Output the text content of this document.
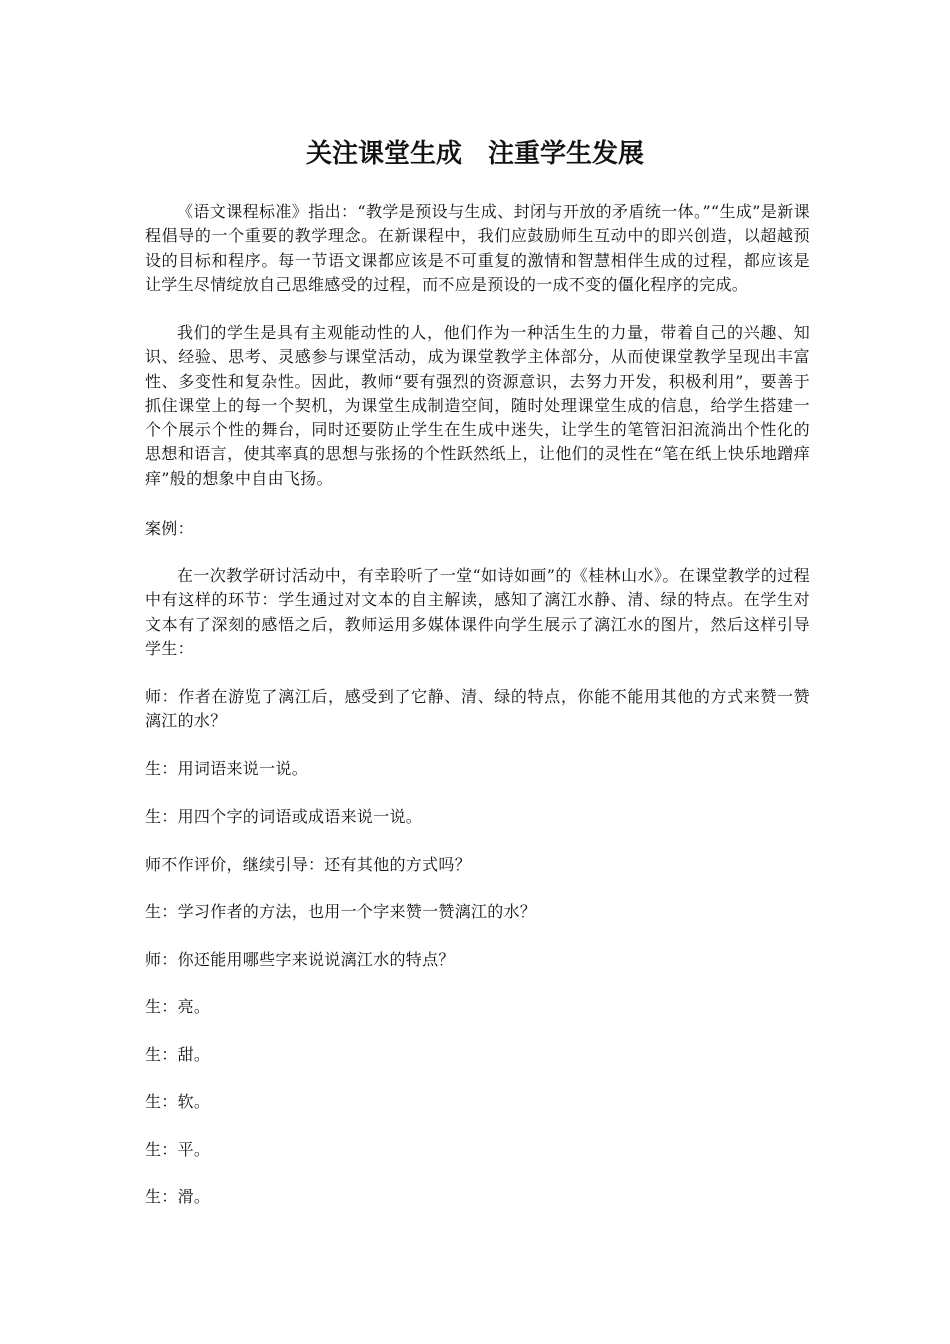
关注课堂生成　注重学生发展
《语文课程标准》指出：“教学是预设与生成、封闭与开放的矛盾统一体。”“生成”是新课程倡导的一个重要的教学理念。在新课程中，我们应鼓励师生互动中的即兴创造，以超越预设的目标和程序。每一节语文课都应该是不可重复的激情和智慧相伴生成的过程，都应该是让学生尽情绽放自己思维感受的过程，而不应是预设的一成不变的僵化程序的完成。
我们的学生是具有主观能动性的人，他们作为一种活生生的力量，带着自己的兴趣、知识、经验、思考、灵感参与课堂活动，成为课堂教学主体部分，从而使课堂教学呈现出丰富性、多变性和复杂性。因此，教师“要有强烈的资源意识，去努力开发，积极利用”，要善于抓住课堂上的每一个契机，为课堂生成制造空间，随时处理课堂生成的信息，给学生搭建一个个展示个性的舞台，同时还要防止学生在生成中迷失，让学生的笔管汩汩流淌出个性化的思想和语言，使其率真的思想与张扬的个性跃然纸上，让他们的灵性在“笔在纸上快乐地蹭痒痒”般的想象中自由飞扬。
案例：
在一次教学研讨活动中，有幸聆听了一堂“如诗如画”的《桂林山水》。在课堂教学的过程中有这样的环节：学生通过对文本的自主解读，感知了漓江水静、清、绿的特点。在学生对文本有了深刻的感悟之后，教师运用多媒体课件向学生展示了漓江水的图片，然后这样引导学生：
师：作者在游览了漓江后，感受到了它静、清、绿的特点，你能不能用其他的方式来赞一赞漓江的水？
生：用词语来说一说。
生：用四个字的词语或成语来说一说。
师不作评价，继续引导：还有其他的方式吗？
生：学习作者的方法，也用一个字来赞一赞漓江的水？
师：你还能用哪些字来说说漓江水的特点？
生：亮。
生：甜。
生：软。
生：平。
生：滑。
